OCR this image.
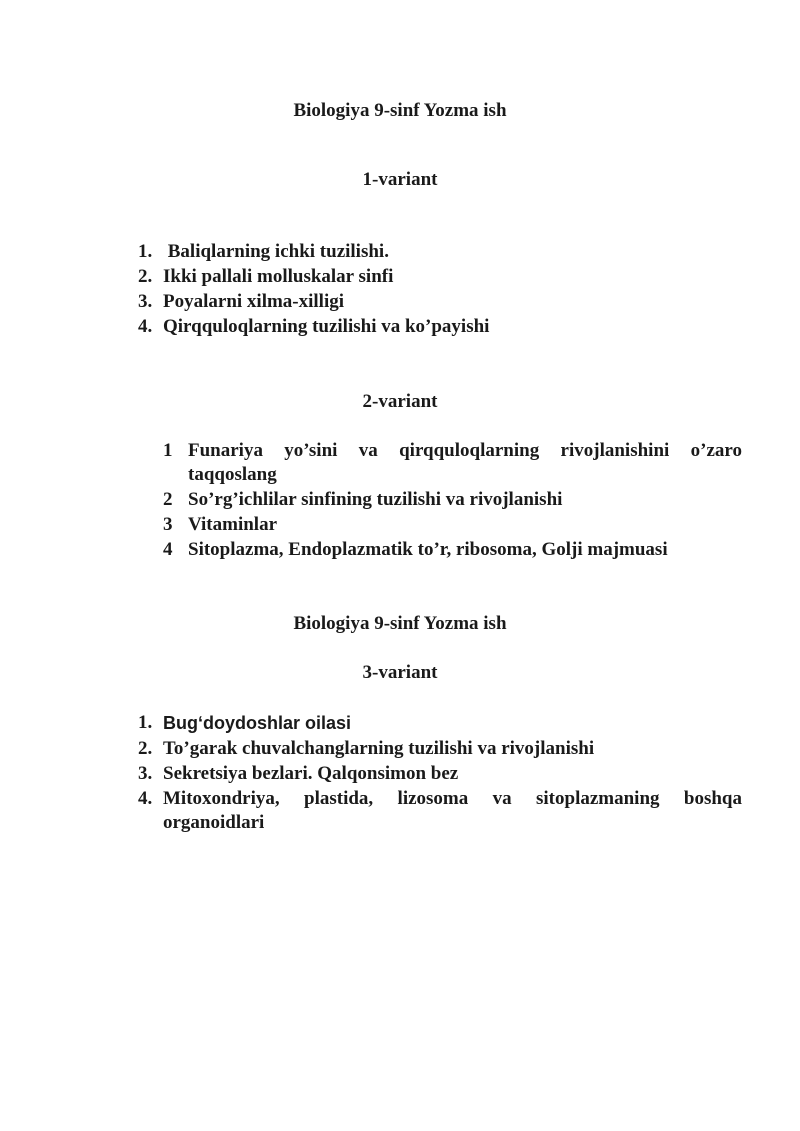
Biologiya 9-sinf Yozma ish
1-variant
1. Baliqlarning ichki tuzilishi.
2. Ikki pallali molluskalar sinfi
3. Poyalarni xilma-xilligi
4. Qirqquloqlarning tuzilishi va ko’payishi
2-variant
1 Funariya yo’sini va qirqquloqlarning rivojlanishini o’zaro
taqqoslang
2 So’rg’ichlilar sinfining tuzilishi va rivojlanishi
3 Vitaminlar
4 Sitoplazma, Endoplazmatik to’r, ribosoma, Golji majmuasi
Biologiya 9-sinf Yozma ish
3-variant
1. Bugʻdoydoshlar oilasi
2. To’garak chuvalchanglarning tuzilishi va rivojlanishi
3. Sekretsiya bezlari. Qalqonsimon bez
4. Mitoxondriya, plastida, lizosoma va sitoplazmaning boshqa
organoidlari
